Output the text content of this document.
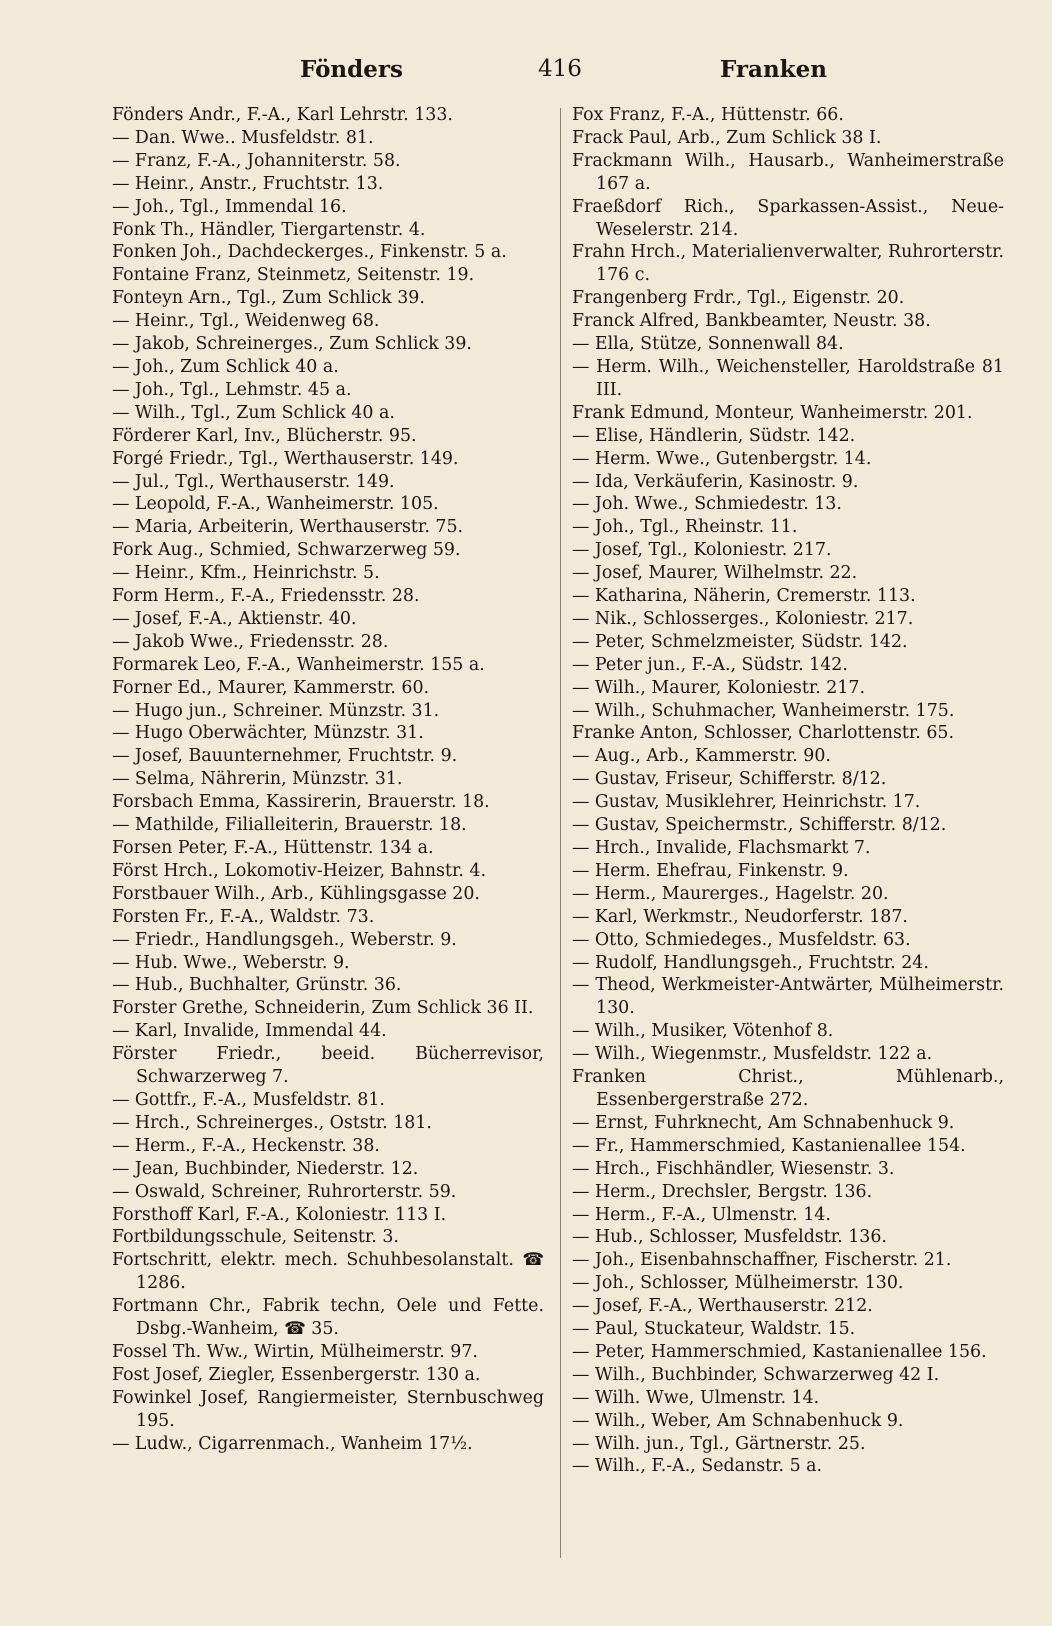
Fönders	416	Franken

Fönders Andr., F.-A., Karl Lehrstr. 133.

— Dan. Wwe.. Musfeldstr. 81.

— Franz, F.-A., Johanniterstr. 58.

— Heinr., Anstr., Fruchtstr. 13.

— Joh., Tgl., Immendal 16.

Fonk Th., Händler, Tiergartenstr. 4.

Fonken Joh., Dachdeckerges., Finkenstr. 5 a.

Fontaine Franz, Steinmetz, Seitenstr. 19.

Fonteyn Arn., Tgl., Zum Schlick 39.

— Heinr., Tgl., Weidenweg 68.

— Jakob, Schreinerges., Zum Schlick 39.

— Joh., Zum Schlick 40 a.

— Joh., Tgl., Lehmstr. 45 a.

— Wilh., Tgl., Zum Schlick 40 a.

Förderer Karl, Inv., Blücherstr. 95.

Forgé Friedr., Tgl., Werthauserstr. 149.

— Jul., Tgl., Werthauserstr. 149.

— Leopold, F.-A., Wanheimerstr. 105.

— Maria, Arbeiterin, Werthauserstr. 75.

Fork Aug., Schmied, Schwarzerweg 59.

— Heinr., Kfm., Heinrichstr. 5.

Form Herm., F.-A., Friedensstr. 28.

— Josef, F.-A., Aktienstr. 40.

— Jakob Wwe., Friedensstr. 28.

Formarek Leo, F.-A., Wanheimerstr. 155 a.

Forner Ed., Maurer, Kammerstr. 60.

— Hugo jun., Schreiner. Münzstr. 31.

— Hugo Oberwächter, Münzstr. 31.

— Josef, Bauunternehmer, Fruchtstr. 9.

— Selma, Nährerin, Münzstr. 31.

Forsbach Emma, Kassirerin, Brauerstr. 18.

— Mathilde, Filialleiterin, Brauerstr. 18.

Forsen Peter, F.-A., Hüttenstr. 134 a.

Först Hrch., Lokomotiv-Heizer, Bahnstr. 4.

Forstbauer Wilh., Arb., Kühlingsgasse 20.

Forsten Fr., F.-A., Waldstr. 73.

— Friedr., Handlungsgeh., Weberstr. 9.

— Hub. Wwe., Weberstr. 9.

— Hub., Buchhalter, Grünstr. 36.

Forster Grethe, Schneiderin, Zum Schlick 36 II.

— Karl, Invalide, Immendal 44.

Förster Friedr., beeid. Bücherrevisor, Schwarzerweg 7.

— Gottfr., F.-A., Musfeldstr. 81.

— Hrch., Schreinerges., Oststr. 181.

— Herm., F.-A., Heckenstr. 38.

— Jean, Buchbinder, Niederstr. 12.

— Oswald, Schreiner, Ruhrorterstr. 59.

Forsthoff Karl, F.-A., Koloniestr. 113 I.

Fortbildungsschule, Seitenstr. 3.

Fortschritt, elektr. mech. Schuhbesolanstalt. ☎ 1286.

Fortmann Chr., Fabrik techn, Oele und Fette. Dsbg.-Wanheim, ☎ 35.

Fossel Th. Ww., Wirtin, Mülheimerstr. 97.

Fost Josef, Ziegler, Essenbergerstr. 130 a.

Fowinkel Josef, Rangiermeister, Sternbuschweg 195.

— Ludw., Cigarrenmach., Wanheim 17½.

Fox Franz, F.-A., Hüttenstr. 66.

Frack Paul, Arb., Zum Schlick 38 I.

Frackmann Wilh., Hausarb., Wanheimerstraße 167 a.

Fraeßdorf Rich., Sparkassen-Assist., Neue-Weselerstr. 214.

Frahn Hrch., Materialienverwalter, Ruhrorterstr. 176 c.

Frangenberg Frdr., Tgl., Eigenstr. 20.

Franck Alfred, Bankbeamter, Neustr. 38.

— Ella, Stütze, Sonnenwall 84.

— Herm. Wilh., Weichensteller, Haroldstraße 81 III.

Frank Edmund, Monteur, Wanheimerstr. 201.

— Elise, Händlerin, Südstr. 142.

— Herm. Wwe., Gutenbergstr. 14.

— Ida, Verkäuferin, Kasinostr. 9.

— Joh. Wwe., Schmiedestr. 13.

— Joh., Tgl., Rheinstr. 11.

— Josef, Tgl., Koloniestr. 217.

— Josef, Maurer, Wilhelmstr. 22.

— Katharina, Näherin, Cremerstr. 113.

— Nik., Schlosserges., Koloniestr. 217.

— Peter, Schmelzmeister, Südstr. 142.

— Peter jun., F.-A., Südstr. 142.

— Wilh., Maurer, Koloniestr. 217.

— Wilh., Schuhmacher, Wanheimerstr. 175.

Franke Anton, Schlosser, Charlottenstr. 65.

— Aug., Arb., Kammerstr. 90.

— Gustav, Friseur, Schifferstr. 8/12.

— Gustav, Musiklehrer, Heinrichstr. 17.

— Gustav, Speichermstr., Schifferstr. 8/12.

— Hrch., Invalide, Flachsmarkt 7.

— Herm. Ehefrau, Finkenstr. 9.

— Herm., Maurerges., Hagelstr. 20.

— Karl, Werkmstr., Neudorferstr. 187.

— Otto, Schmiedeges., Musfeldstr. 63.

— Rudolf, Handlungsgeh., Fruchtstr. 24.

— Theod, Werkmeister-Antwärter, Mülheimerstr. 130.

— Wilh., Musiker, Vötenhof 8.

— Wilh., Wiegenmstr., Musfeldstr. 122 a.

Franken Christ., Mühlenarb., Essenbergerstraße 272.

— Ernst, Fuhrknecht, Am Schnabenhuck 9.

— Fr., Hammerschmied, Kastanienallee 154.

— Hrch., Fischhändler, Wiesenstr. 3.

— Herm., Drechsler, Bergstr. 136.

— Herm., F.-A., Ulmenstr. 14.

— Hub., Schlosser, Musfeldstr. 136.

— Joh., Eisenbahnschaffner, Fischerstr. 21.

— Joh., Schlosser, Mülheimerstr. 130.

— Josef, F.-A., Werthauserstr. 212.

— Paul, Stuckateur, Waldstr. 15.

— Peter, Hammerschmied, Kastanienallee 156.

— Wilh., Buchbinder, Schwarzerweg 42 I.

— Wilh. Wwe, Ulmenstr. 14.

— Wilh., Weber, Am Schnabenhuck 9.

— Wilh. jun., Tgl., Gärtnerstr. 25.

— Wilh., F.-A., Sedanstr. 5 a.
